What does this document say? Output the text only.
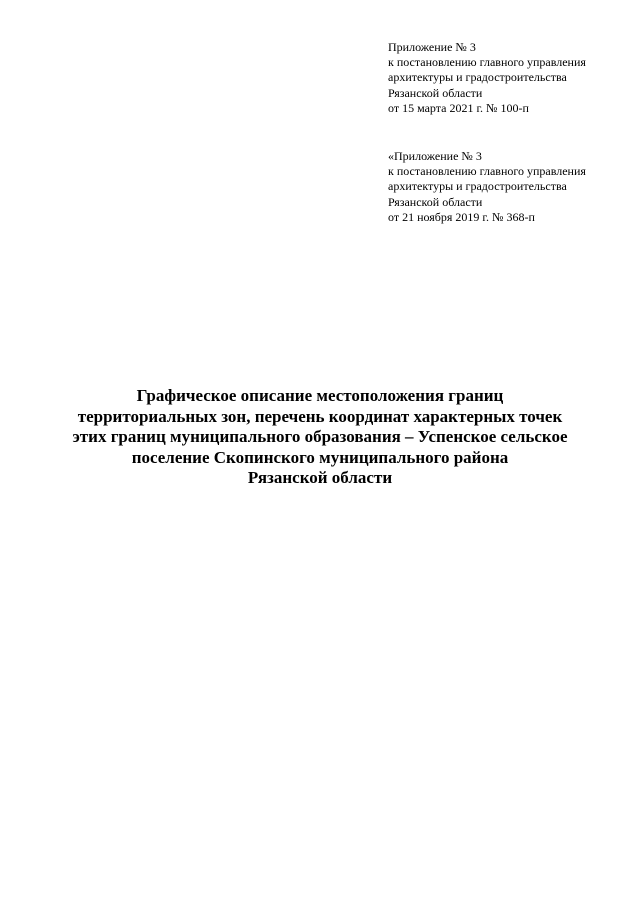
Приложение № 3
к постановлению главного управления
архитектуры и градостроительства
Рязанской области
от 15 марта 2021 г. № 100-п
«Приложение № 3
к постановлению главного управления
архитектуры и градостроительства
Рязанской области
от 21 ноября 2019 г. № 368-п
Графическое описание местоположения границ
территориальных зон, перечень координат характерных точек
этих границ муниципального образования – Успенское сельское
поселение Скопинского муниципального района
Рязанской области
